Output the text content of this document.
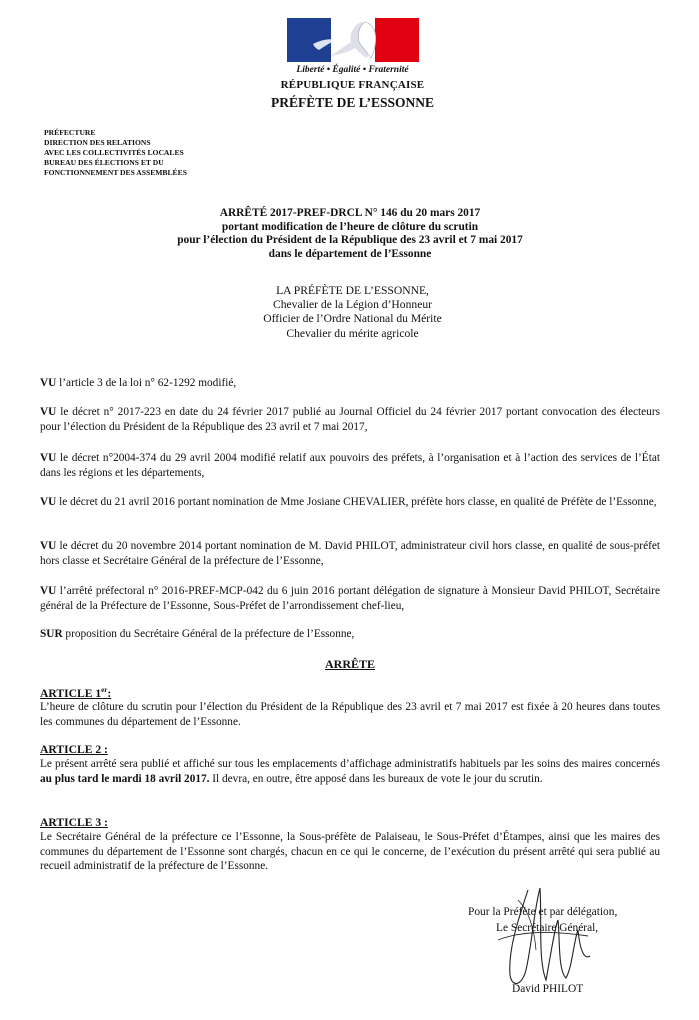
Liberté • Égalité • Fraternité
RÉPUBLIQUE FRANÇAISE
PRÉFÈTE DE L’ESSONNE
PRÉFECTURE
DIRECTION DES RELATIONS
AVEC LES COLLECTIVITÉS LOCALES
BUREAU DES ÉLECTIONS ET DU
FONCTIONNEMENT DES ASSEMBLÉES
ARRÊTÉ 2017-PREF-DRCL N° 146 du 20 mars 2017
portant modification de l’heure de clôture du scrutin
pour l’élection du Président de la République des 23 avril et 7 mai 2017
dans le département de l’Essonne
LA PRÉFÈTE DE L’ESSONNE,
Chevalier de la Légion d’Honneur
Officier de l’Ordre National du Mérite
Chevalier du mérite agricole
VU l’article 3 de la loi n° 62-1292 modifié,
VU le décret n° 2017-223 en date du 24 février 2017 publié au Journal Officiel du 24 février 2017 portant convocation des électeurs pour l’élection du Président de la République des 23 avril et 7 mai 2017,
VU le décret n°2004-374 du 29 avril 2004 modifié relatif aux pouvoirs des préfets, à l’organisation et à l’action des services de l’État dans les régions et les départements,
VU le décret du 21 avril 2016 portant nomination de Mme Josiane CHEVALIER, préfète hors classe, en qualité de Préfète de l’Essonne,
VU le décret du 20 novembre 2014 portant nomination de M. David PHILOT, administrateur civil hors classe, en qualité de sous-préfet hors classe et Secrétaire Général de la préfecture de l’Essonne,
VU l’arrêté préfectoral n° 2016-PREF-MCP-042 du 6 juin 2016 portant délégation de signature à Monsieur David PHILOT, Secrétaire général de la Préfecture de l’Essonne, Sous-Préfet de l’arrondissement chef-lieu,
SUR proposition du Secrétaire Général de la préfecture de l’Essonne,
ARRÊTE
ARTICLE 1er:
L’heure de clôture du scrutin pour l’élection du Président de la République des 23 avril et 7 mai 2017 est fixée à 20 heures dans toutes les communes du département de l’Essonne.
ARTICLE 2 :
Le présent arrêté sera publié et affiché sur tous les emplacements d’affichage administratifs habituels par les soins des maires concernés au plus tard le mardi 18 avril 2017. Il devra, en outre, être apposé dans les bureaux de vote le jour du scrutin.
ARTICLE 3 :
Le Secrétaire Général de la préfecture ce l’Essonne, la Sous-préfète de Palaiseau, le Sous-Préfet d’Étampes, ainsi que les maires des communes du département de l’Essonne sont chargés, chacun en ce qui le concerne, de l’exécution du présent arrêté qui sera publié au recueil administratif de la préfecture de l’Essonne.
Pour la Préfète et par délégation,
Le Secrétaire Général,
David PHILOT
